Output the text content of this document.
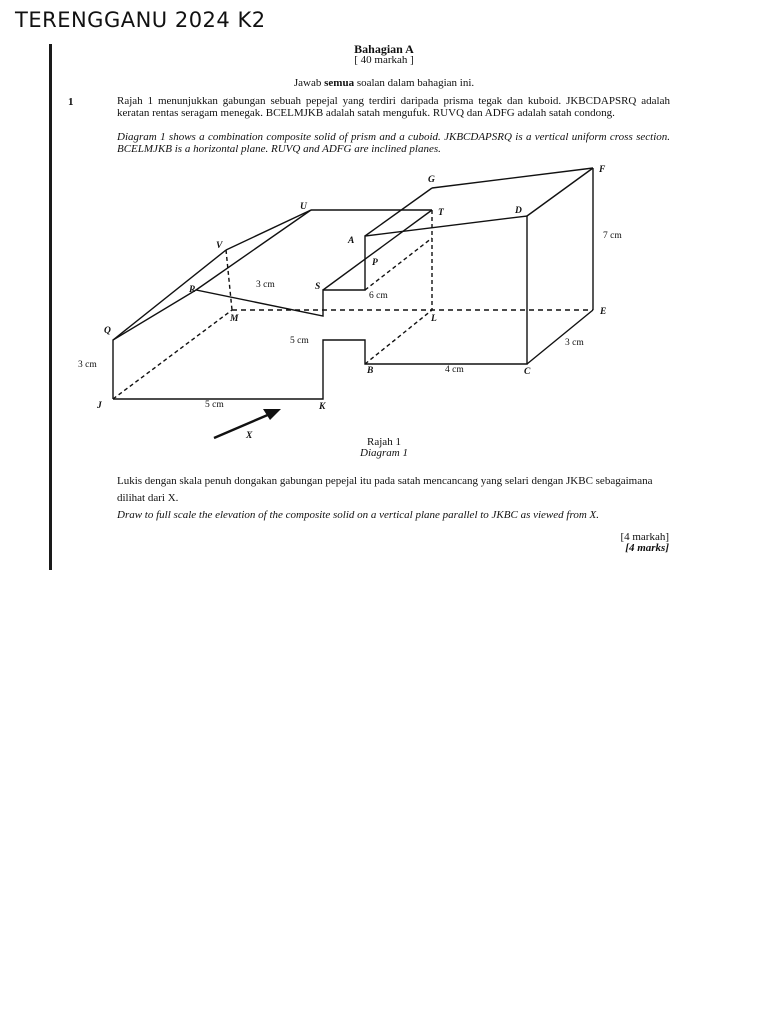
TERENGGANU 2024 K2
Bahagian A
[ 40 markah ]
Jawab semua soalan dalam bahagian ini.
1	Rajah 1 menunjukkan gabungan sebuah pepejal yang terdiri daripada prisma tegak dan kuboid. JKBCDAPSRQ adalah keratan rentas seragam menegak. BCELMJKB adalah satah mengufuk. RUVQ dan ADFG adalah satah condong.
Diagram 1 shows a combination composite solid of prism and a cuboid. JKBCDAPSRQ is a vertical uniform cross section. BCELMJKB is a horizontal plane. RUVQ and ADFG are inclined planes.
G
F
U
T	D
A
V
P
R	S
M	L
E
Q
B	C
J	K
X
3 cm
6 cm
7 cm
5 cm
3 cm
3 cm
4 cm
5 cm
Rajah 1
Diagram 1
Lukis dengan skala penuh dongakan gabungan pepejal itu pada satah mencancang yang selari dengan JKBC sebagaimana dilihat dari X.
Draw to full scale the elevation of the composite solid on a vertical plane parallel to JKBC as viewed from X.
[4 markah]
[4 marks]
